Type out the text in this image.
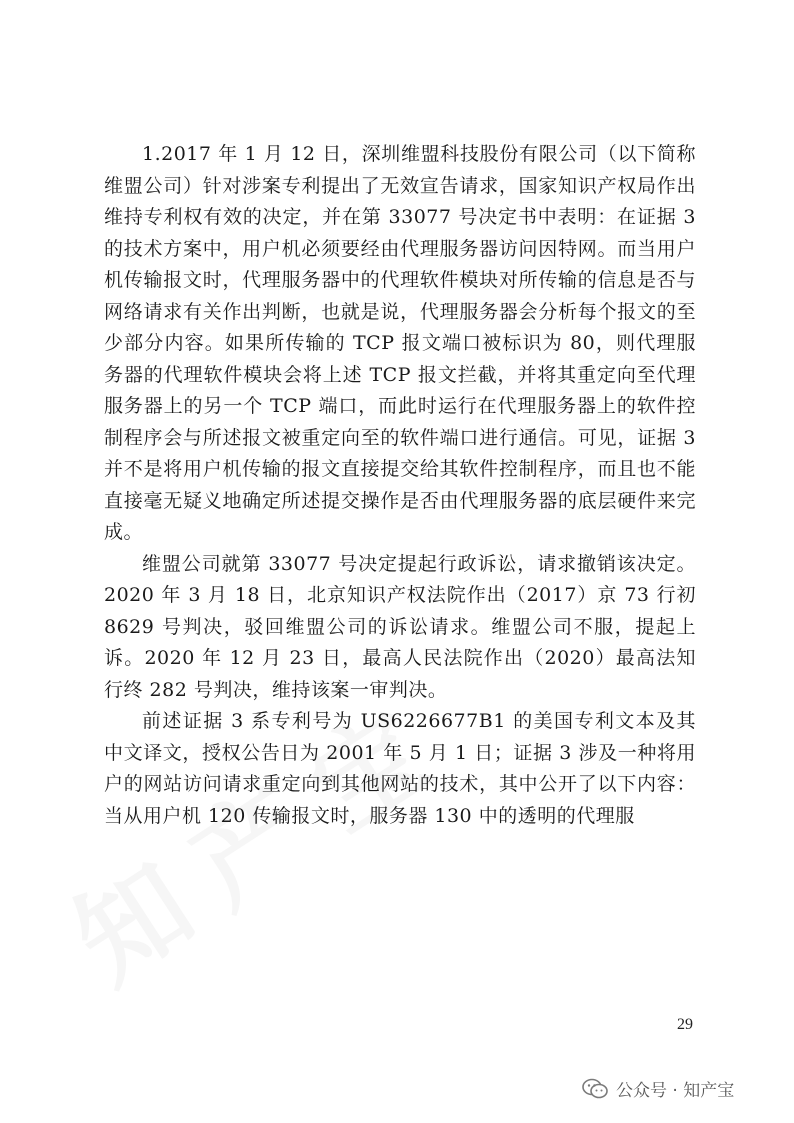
1.2017 年 1 月 12 日，深圳维盟科技股份有限公司（以下简称维盟公司）针对涉案专利提出了无效宣告请求，国家知识产权局作出维持专利权有效的决定，并在第 33077 号决定书中表明：在证据 3 的技术方案中，用户机必须要经由代理服务器访问因特网。而当用户机传输报文时，代理服务器中的代理软件模块对所传输的信息是否与网络请求有关作出判断，也就是说，代理服务器会分析每个报文的至少部分内容。如果所传输的 TCP 报文端口被标识为 80，则代理服务器的代理软件模块会将上述 TCP 报文拦截，并将其重定向至代理服务器上的另一个 TCP 端口，而此时运行在代理服务器上的软件控制程序会与所述报文被重定向至的软件端口进行通信。可见，证据 3 并不是将用户机传输的报文直接提交给其软件控制程序，而且也不能直接毫无疑义地确定所述提交操作是否由代理服务器的底层硬件来完成。

维盟公司就第 33077 号决定提起行政诉讼，请求撤销该决定。2020 年 3 月 18 日，北京知识产权法院作出（2017）京 73 行初 8629 号判决，驳回维盟公司的诉讼请求。维盟公司不服，提起上诉。2020 年 12 月 23 日，最高人民法院作出（2020）最高法知行终 282 号判决，维持该案一审判决。

前述证据 3 系专利号为 US6226677B1 的美国专利文本及其中文译文，授权公告日为 2001 年 5 月 1 日；证据 3 涉及一种将用户的网站访问请求重定向到其他网站的技术，其中公开了以下内容：当从用户机 120 传输报文时，服务器 130 中的透明的代理服

29
公众号 · 知产宝
